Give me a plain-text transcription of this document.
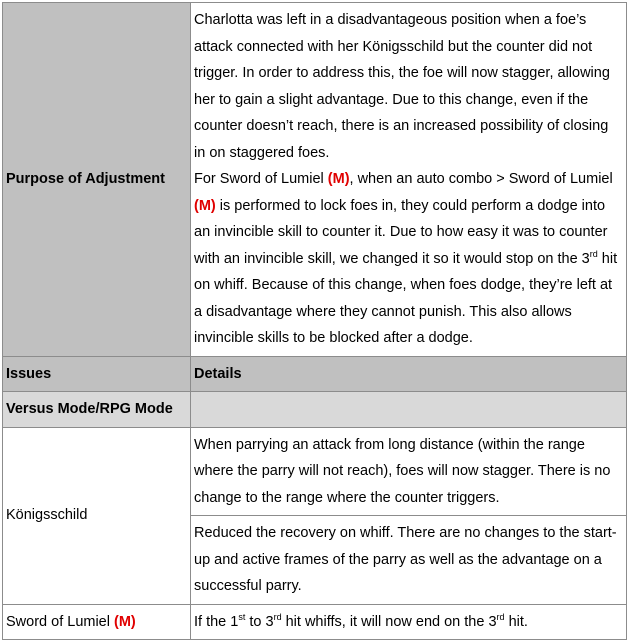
Purpose of Adjustment	Charlotta was left in a disadvantageous position when a foe’s attack connected with her Königsschild but the counter did not trigger. In order to address this, the foe will now stagger, allowing her to gain a slight advantage. Due to this change, even if the counter doesn’t reach, there is an increased possibility of closing in on staggered foes.
For Sword of Lumiel (M), when an auto combo > Sword of Lumiel (M) is performed to lock foes in, they could perform a dodge into an invincible skill to counter it. Due to how easy it was to counter with an invincible skill, we changed it so it would stop on the 3rd hit on whiff. Because of this change, when foes dodge, they’re left at a disadvantage where they cannot punish. This also allows invincible skills to be blocked after a dodge.

Issues	Details
Versus Mode/RPG Mode	
Königsschild	When parrying an attack from long distance (within the range where the parry will not reach), foes will now stagger. There is no change to the range where the counter triggers.
	Reduced the recovery on whiff. There are no changes to the start-up and active frames of the parry as well as the advantage on a successful parry.
Sword of Lumiel (M)	If the 1st to 3rd hit whiffs, it will now end on the 3rd hit.
